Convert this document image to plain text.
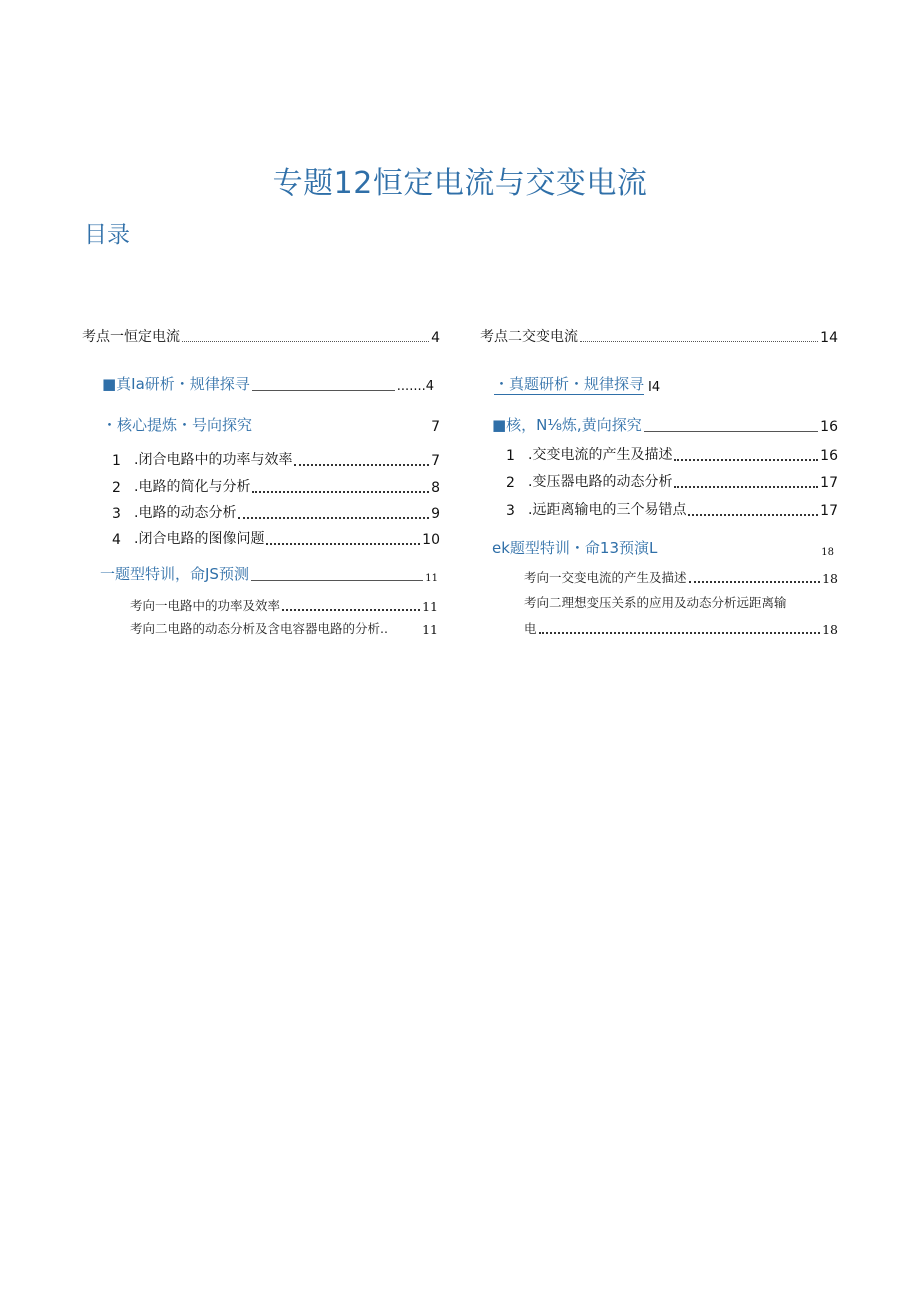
专题12恒定电流与交变电流
目录
考点一恒定电流	4
■真Ia研析・规律探寻	.......4
・核心提炼・号向探究	7
1 .闭合电路中的功率与效率	7
2 .电路的简化与分析	8
3 .电路的动态分析	9
4 .闭合电路的图像问题	10
一题型特训，命JS预测	11
考向一电路中的功率及效率	11
考向二电路的动态分析及含电容器电路的分析..	11
考点二交变电流	14
・真题研析・规律探寻 I4
■核，N⅛炼,黄向探究	16
1 .交变电流的产生及描述	16
2 .变压器电路的动态分析	17
3 .远距离输电的三个易错点	17
ek题型特训・命13预演L	18
考向一交变电流的产生及描述	18
考向二理想变压关系的应用及动态分析远距离输
电	18
